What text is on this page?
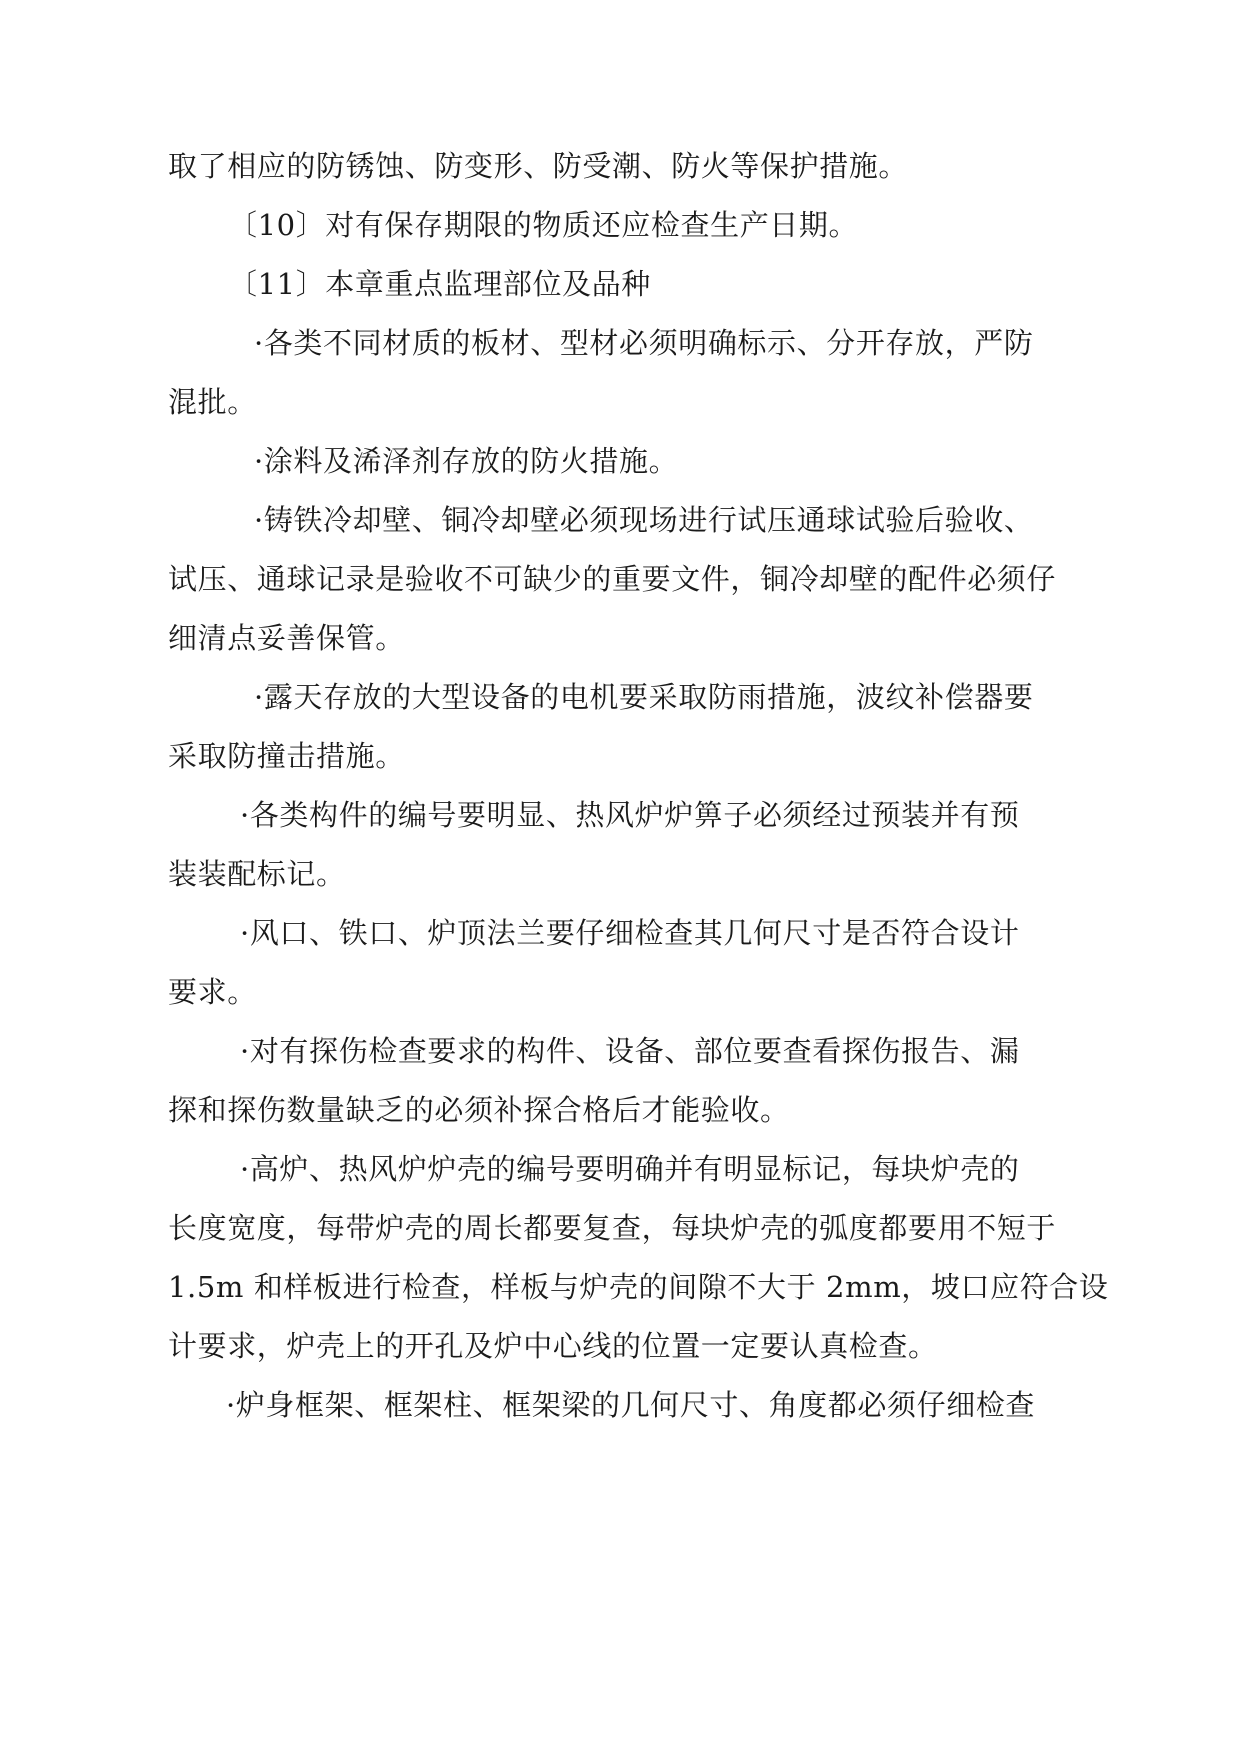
取了相应的防锈蚀、防变形、防受潮、防火等保护措施。
〔10〕对有保存期限的物质还应检查生产日期。
〔11〕本章重点监理部位及品种
·各类不同材质的板材、型材必须明确标示、分开存放，严防
混批。
·涂料及浠泽剂存放的防火措施。
·铸铁冷却壁、铜冷却壁必须现场进行试压通球试验后验收、
试压、通球记录是验收不可缺少的重要文件，铜冷却壁的配件必须仔
细清点妥善保管。
·露天存放的大型设备的电机要采取防雨措施，波纹补偿器要
采取防撞击措施。
·各类构件的编号要明显、热风炉炉箅子必须经过预装并有预
装装配标记。
·风口、铁口、炉顶法兰要仔细检查其几何尺寸是否符合设计
要求。
·对有探伤检查要求的构件、设备、部位要查看探伤报告、漏
探和探伤数量缺乏的必须补探合格后才能验收。
·高炉、热风炉炉壳的编号要明确并有明显标记，每块炉壳的
长度宽度，每带炉壳的周长都要复查，每块炉壳的弧度都要用不短于
1.5m 和样板进行检查，样板与炉壳的间隙不大于 2mm，坡口应符合设
计要求，炉壳上的开孔及炉中心线的位置一定要认真检查。
·炉身框架、框架柱、框架梁的几何尺寸、角度都必须仔细检查
